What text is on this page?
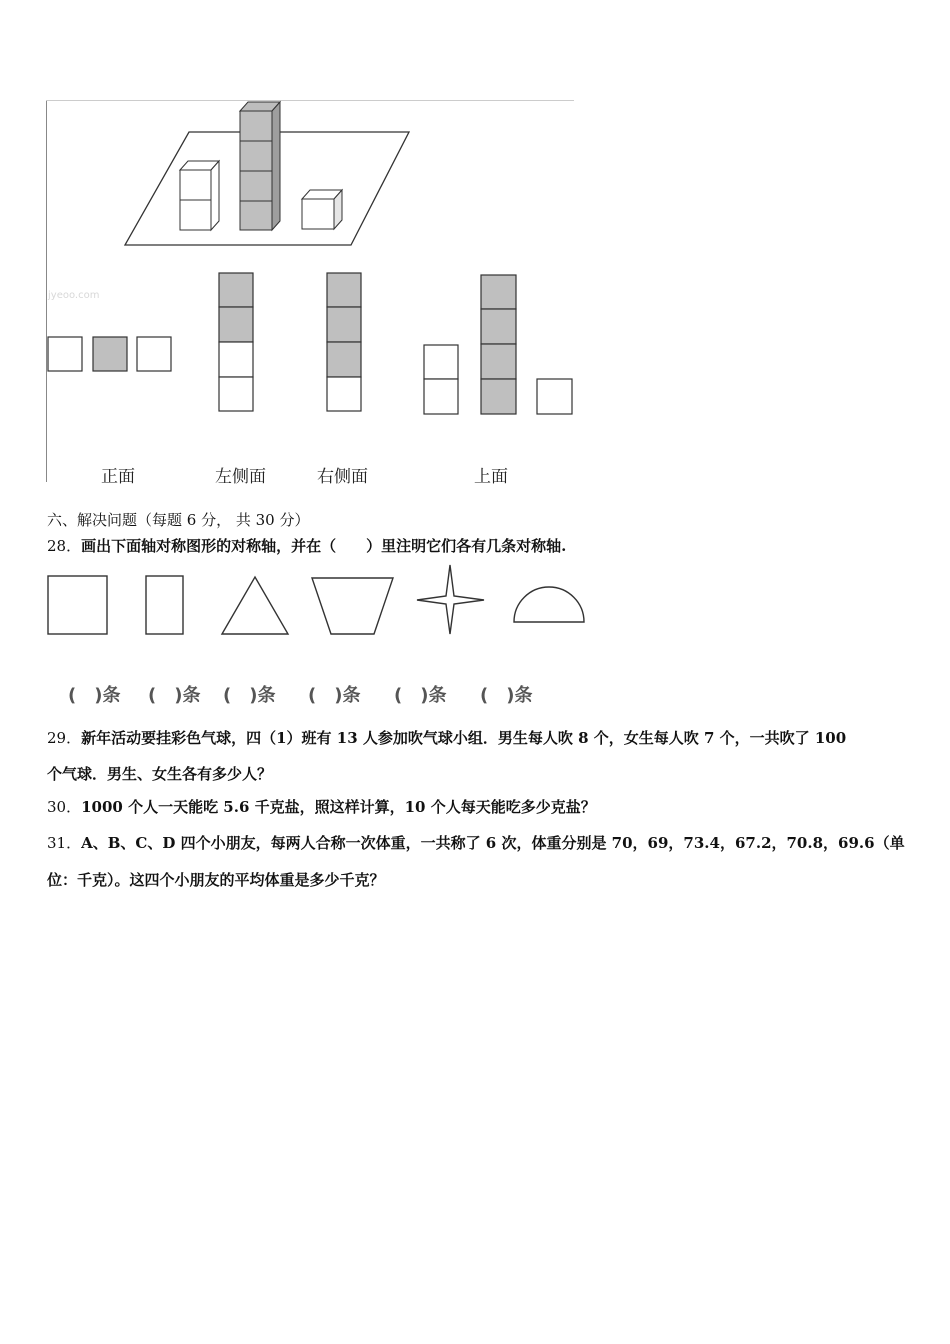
jyeoo.com
正面	左侧面	右侧面	上面
六、解决问题（每题 6 分， 共 30 分）
28．画出下面轴对称图形的对称轴，并在（　　）里注明它们各有几条对称轴.
(　)条 (　)条 (　)条 (　)条 (　)条 (　)条
29．新年活动要挂彩色气球，四（1）班有 13 人参加吹气球小组．男生每人吹 8 个，女生每人吹 7 个，一共吹了 100
个气球．男生、女生各有多少人？
30．1000 个人一天能吃 5.6 千克盐，照这样计算，10 个人每天能吃多少克盐？
31．A、B、C、D 四个小朋友，每两人合称一次体重，一共称了 6 次，体重分别是 70，69，73.4，67.2，70.8，69.6（单
位：千克）。这四个小朋友的平均体重是多少千克？
